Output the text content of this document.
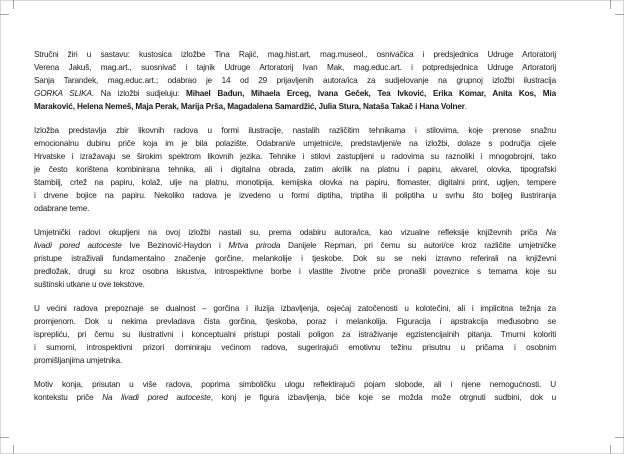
Stručni žiri u sastavu: kustosica izložbe Tina Rajić, mag.hist.art, mag.museol., osnivačica i predsjednica Udruge Artoratorij
Verena Jakuš, mag.art., suosnivač i tajnik Udruge Artoratorij Ivan Mak, mag.educ.art. i potpredsjednica Udruge Artoratorij
Sanja Tarandek, mag.educ.art.; odabrao je 14 od 29 prijavljenih autora/ica za sudjelovanje na grupnoj izložbi ilustracija
GORKA SLIKA. Na izložbi sudjeluju: Mihael Bađun, Mihaela Erceg, Ivana Geček, Tea Ivković, Erika Komar, Anita Kos, Mia
Maraković, Helena Nemeš, Maja Perak, Marija Prša, Magadalena Samardžić, Julia Stura, Nataša Takač i Hana Volner.
Izložba predstavlja zbir likovnih radova u formi ilustracije, nastalih različitim tehnikama i stilovima, koje prenose snažnu
emocionalnu dubinu priče koja im je bila polazište. Odabrani/e umjetnici/e, predstavljeni/e na izložbi, dolaze s područja cijele
Hrvatske i izražavaju se širokim spektrom likovnih jezika. Tehnike i stilovi zastupljeni u radovima su raznoliki i mnogobrojni, tako
je često korištena kombinirana tehnika, ali i digitalna obrada, zatim akrilik na platnu i papiru, akvarel, olovka, tipografski
štambilj, crtež na papiru, kolaž, ulje na platnu, monotipija, kemijska olovka na papiru, flomaster, digitalni print, ugljen, tempere
i drvene bojice na papiru. Nekoliko radova je izvedeno u formi diptiha, triptiha ili poliptiha u svrhu što boljeg ilustriranja
odabrane teme.
Umjetnički radovi okupljeni na ovoj izložbi nastali su, prema odabiru autora/ica, kao vizualne refleksije književnih priča Na
livadi pored autoceste Ive Bezinović-Haydon i Mrtva priroda Danijele Repman, pri čemu su autori/ce kroz različite umjetničke
pristupe istraživali fundamentalno značenje gorčine, melankolije i tjeskobe. Dok su se neki izravno referirali na književni
predložak, drugi su kroz osobna iskustva, introspektivne borbe i vlastite životne priče pronašli poveznice s temama koje su
suštinski utkane u ove tekstove.
U većini radova prepoznaje se dualnost – gorčina i iluzija izbavljenja, osjećaj zatočenosti u kolotečini, ali i implicitna težnja za
promjenom. Dok u nekima prevladava čista gorčina, tjeskoba, poraz i melankolija. Figuracija i apstrakcija međusobno se
isprepliću, pri čemu su ilustrativni i konceptualni pristupi postali poligon za istraživanje egzistencijalnih pitanja. Tmurni koloriti
i sumorni, introspektivni prizori dominiraju većinom radova, sugerirajući emotivnu težinu prisutnu u pričama i osobnim
promišljanjima umjetnika.
Motiv konja, prisutan u više radova, poprima simboličku ulogu reflektirajući pojam slobode, ali i njene nemogućnosti. U
kontekstu priče Na livadi pored autoceste, konj je figura izbavljenja, biće koje se možda može otrgnuti sudbini, dok u
